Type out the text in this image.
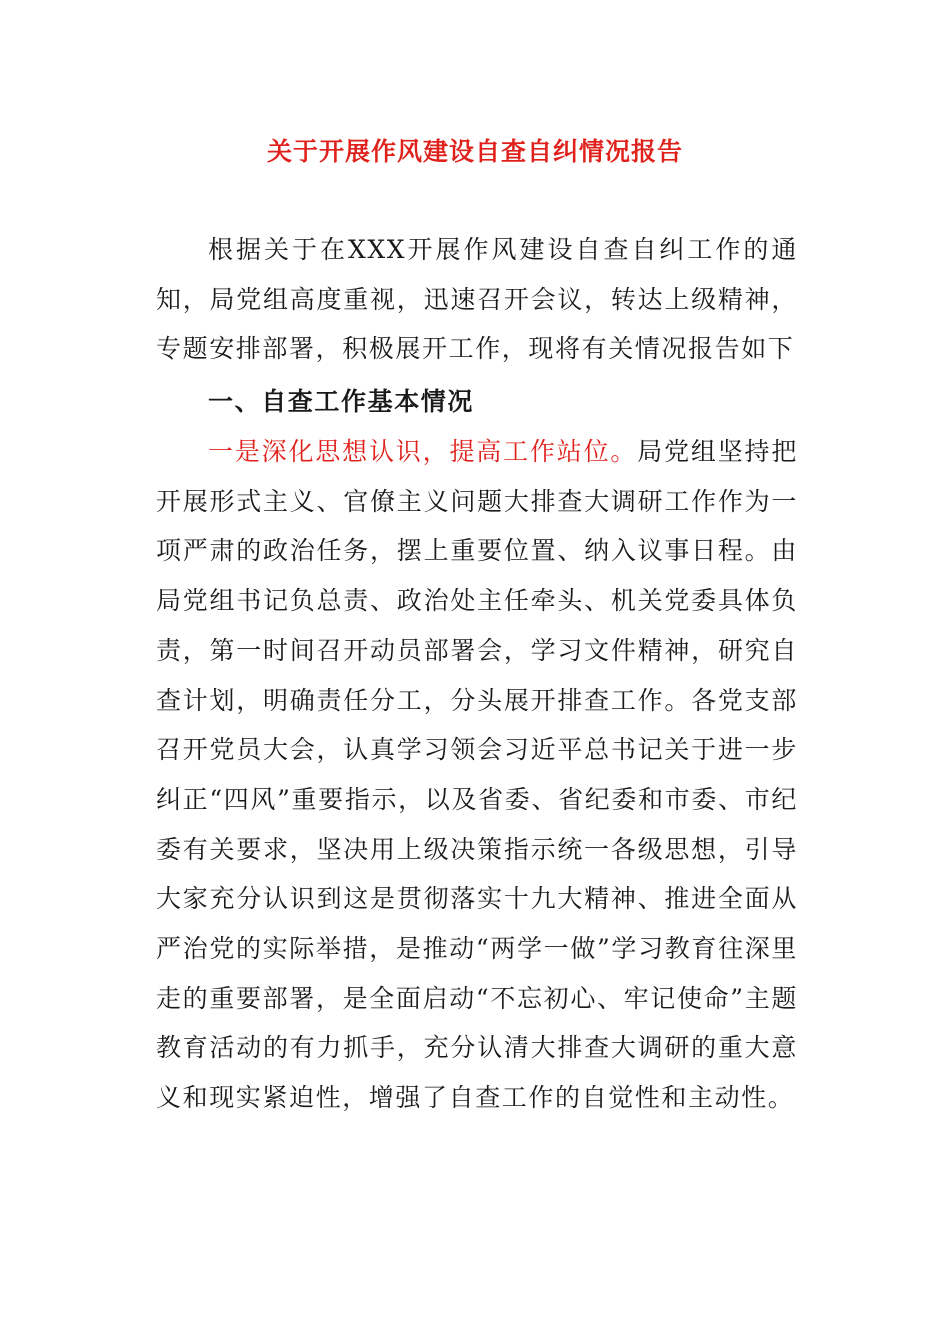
关于开展作风建设自查自纠情况报告

根据关于在XXX开展作风建设自查自纠工作的通知，局党组高度重视，迅速召开会议，转达上级精神，专题安排部署，积极展开工作，现将有关情况报告如下

一、自查工作基本情况

一是深化思想认识，提高工作站位。局党组坚持把开展形式主义、官僚主义问题大排查大调研工作作为一项严肃的政治任务，摆上重要位置、纳入议事日程。由局党组书记负总责、政治处主任牵头、机关党委具体负责，第一时间召开动员部署会，学习文件精神，研究自查计划，明确责任分工，分头展开排查工作。各党支部召开党员大会，认真学习领会习近平总书记关于进一步纠正“四风”重要指示，以及省委、省纪委和市委、市纪委有关要求，坚决用上级决策指示统一各级思想，引导大家充分认识到这是贯彻落实十九大精神、推进全面从严治党的实际举措，是推动“两学一做”学习教育往深里走的重要部署，是全面启动“不忘初心、牢记使命”主题教育活动的有力抓手，充分认清大排查大调研的重大意义和现实紧迫性，增强了自查工作的自觉性和主动性。
